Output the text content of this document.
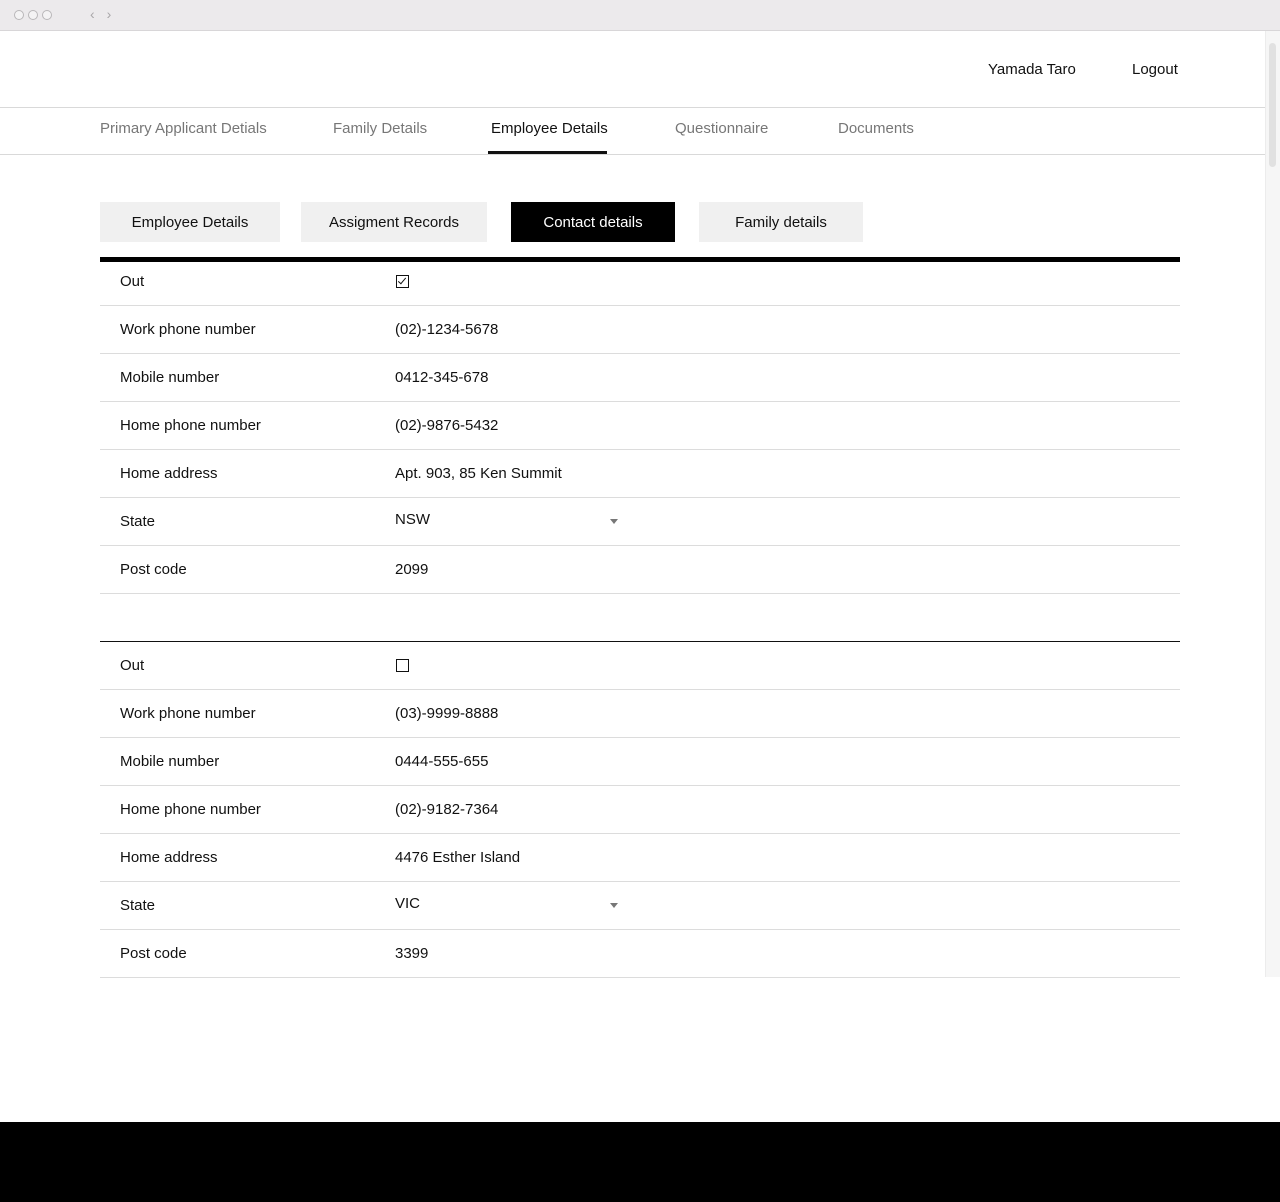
‹ ›
Yamada Taro	Logout
Primary Applicant Detials	Family Details	Employee Details	Questionnaire	Documents
Employee Details	Assigment Records	Contact details	Family details
Out
Work phone number	(02)-1234-5678
Mobile number	0412-345-678
Home phone number	(02)-9876-5432
Home address	Apt. 903, 85 Ken Summit
State	NSW
Post code	2099
Out
Work phone number	(03)-9999-8888
Mobile number	0444-555-655
Home phone number	(02)-9182-7364
Home address	4476 Esther Island
State	VIC
Post code	3399
